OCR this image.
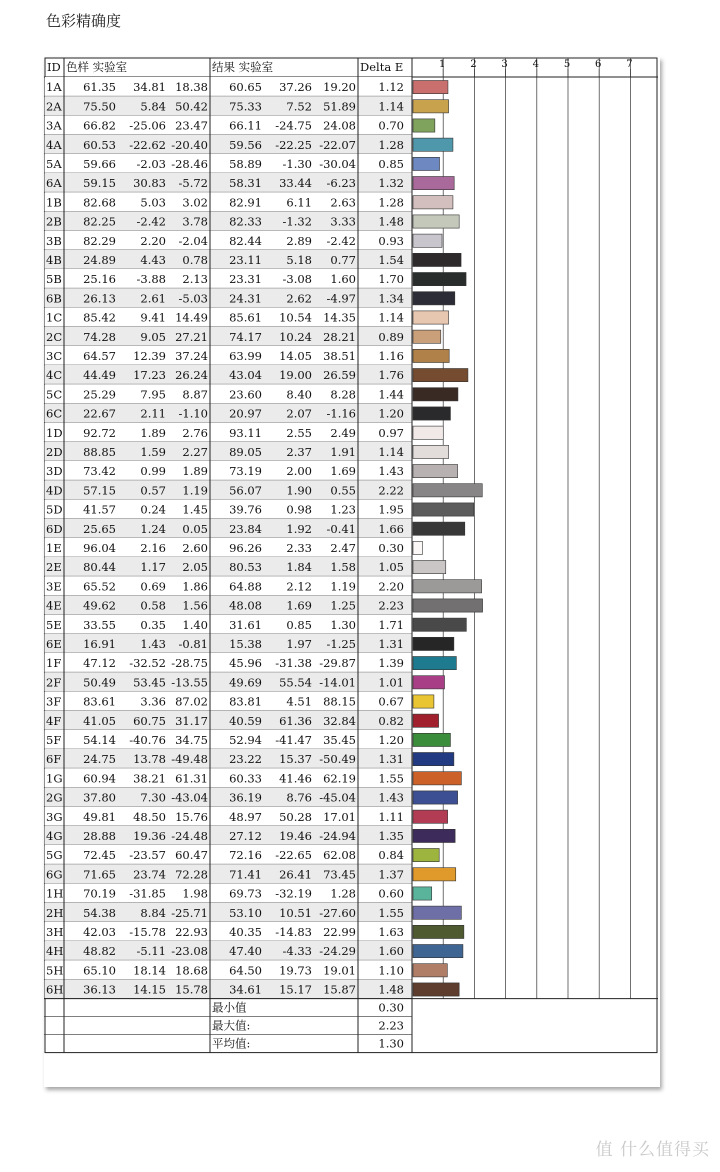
色彩精确度
ID 色样 实验室	结果 实验室	Delta E	1 2 3 4 5 6 7
1A 61.35 34.81 18.38 60.65 37.26 19.20 1.12
2A 75.50 5.84 50.42 75.33 7.52 51.89 1.14
3A 66.82 -25.06 23.47 66.11 -24.75 24.08 0.70
4A 60.53 -22.62 -20.40 59.56 -22.25 -22.07 1.28
5A 59.66 -2.03 -28.46 58.89 -1.30 -30.04 0.85
6A 59.15 30.83 -5.72 58.31 33.44 -6.23 1.32
1B 82.68 5.03 3.02 82.91 6.11 2.63 1.28
2B 82.25 -2.42 3.78 82.33 -1.32 3.33 1.48
3B 82.29 2.20 -2.04 82.44 2.89 -2.42 0.93
4B 24.89 4.43 0.78 23.11 5.18 0.77 1.54
5B 25.16 -3.88 2.13 23.31 -3.08 1.60 1.70
6B 26.13 2.61 -5.03 24.31 2.62 -4.97 1.34
1C 85.42 9.41 14.49 85.61 10.54 14.35 1.14
2C 74.28 9.05 27.21 74.17 10.24 28.21 0.89
3C 64.57 12.39 37.24 63.99 14.05 38.51 1.16
4C 44.49 17.23 26.24 43.04 19.00 26.59 1.76
5C 25.29 7.95 8.87 23.60 8.40 8.28 1.44
6C 22.67 2.11 -1.10 20.97 2.07 -1.16 1.20
1D 92.72 1.89 2.76 93.11 2.55 2.49 0.97
2D 88.85 1.59 2.27 89.05 2.37 1.91 1.14
3D 73.42 0.99 1.89 73.19 2.00 1.69 1.43
4D 57.15 0.57 1.19 56.07 1.90 0.55 2.22
5D 41.57 0.24 1.45 39.76 0.98 1.23 1.95
6D 25.65 1.24 0.05 23.84 1.92 -0.41 1.66
1E 96.04 2.16 2.60 96.26 2.33 2.47 0.30
2E 80.44 1.17 2.05 80.53 1.84 1.58 1.05
3E 65.52 0.69 1.86 64.88 2.12 1.19 2.20
4E 49.62 0.58 1.56 48.08 1.69 1.25 2.23
5E 33.55 0.35 1.40 31.61 0.85 1.30 1.71
6E 16.91 1.43 -0.81 15.38 1.97 -1.25 1.31
1F 47.12 -32.52 -28.75 45.96 -31.38 -29.87 1.39
2F 50.49 53.45 -13.55 49.69 55.54 -14.01 1.01
3F 83.61 3.36 87.02 83.81 4.51 88.15 0.67
4F 41.05 60.75 31.17 40.59 61.36 32.84 0.82
5F 54.14 -40.76 34.75 52.94 -41.47 35.45 1.20
6F 24.75 13.78 -49.48 23.22 15.37 -50.49 1.31
1G 60.94 38.21 61.31 60.33 41.46 62.19 1.55
2G 37.80 7.30 -43.04 36.19 8.76 -45.04 1.43
3G 49.81 48.50 15.76 48.97 50.28 17.01 1.11
4G 28.88 19.36 -24.48 27.12 19.46 -24.94 1.35
5G 72.45 -23.57 60.47 72.16 -22.65 62.08 0.84
6G 71.65 23.74 72.28 71.41 26.41 73.45 1.37
1H 70.19 -31.85 1.98 69.73 -32.19 1.28 0.60
2H 54.38 8.84 -25.71 53.10 10.51 -27.60 1.55
3H 42.03 -15.78 22.93 40.35 -14.83 22.99 1.63
4H 48.82 -5.11 -23.08 47.40 -4.33 -24.29 1.60
5H 65.10 18.14 18.68 64.50 19.73 19.01 1.10
6H 36.13 14.15 15.78 34.61 15.17 15.87 1.48
最小值	0.30
最大值:	2.23
平均值:	1.30
值 什么值得买
